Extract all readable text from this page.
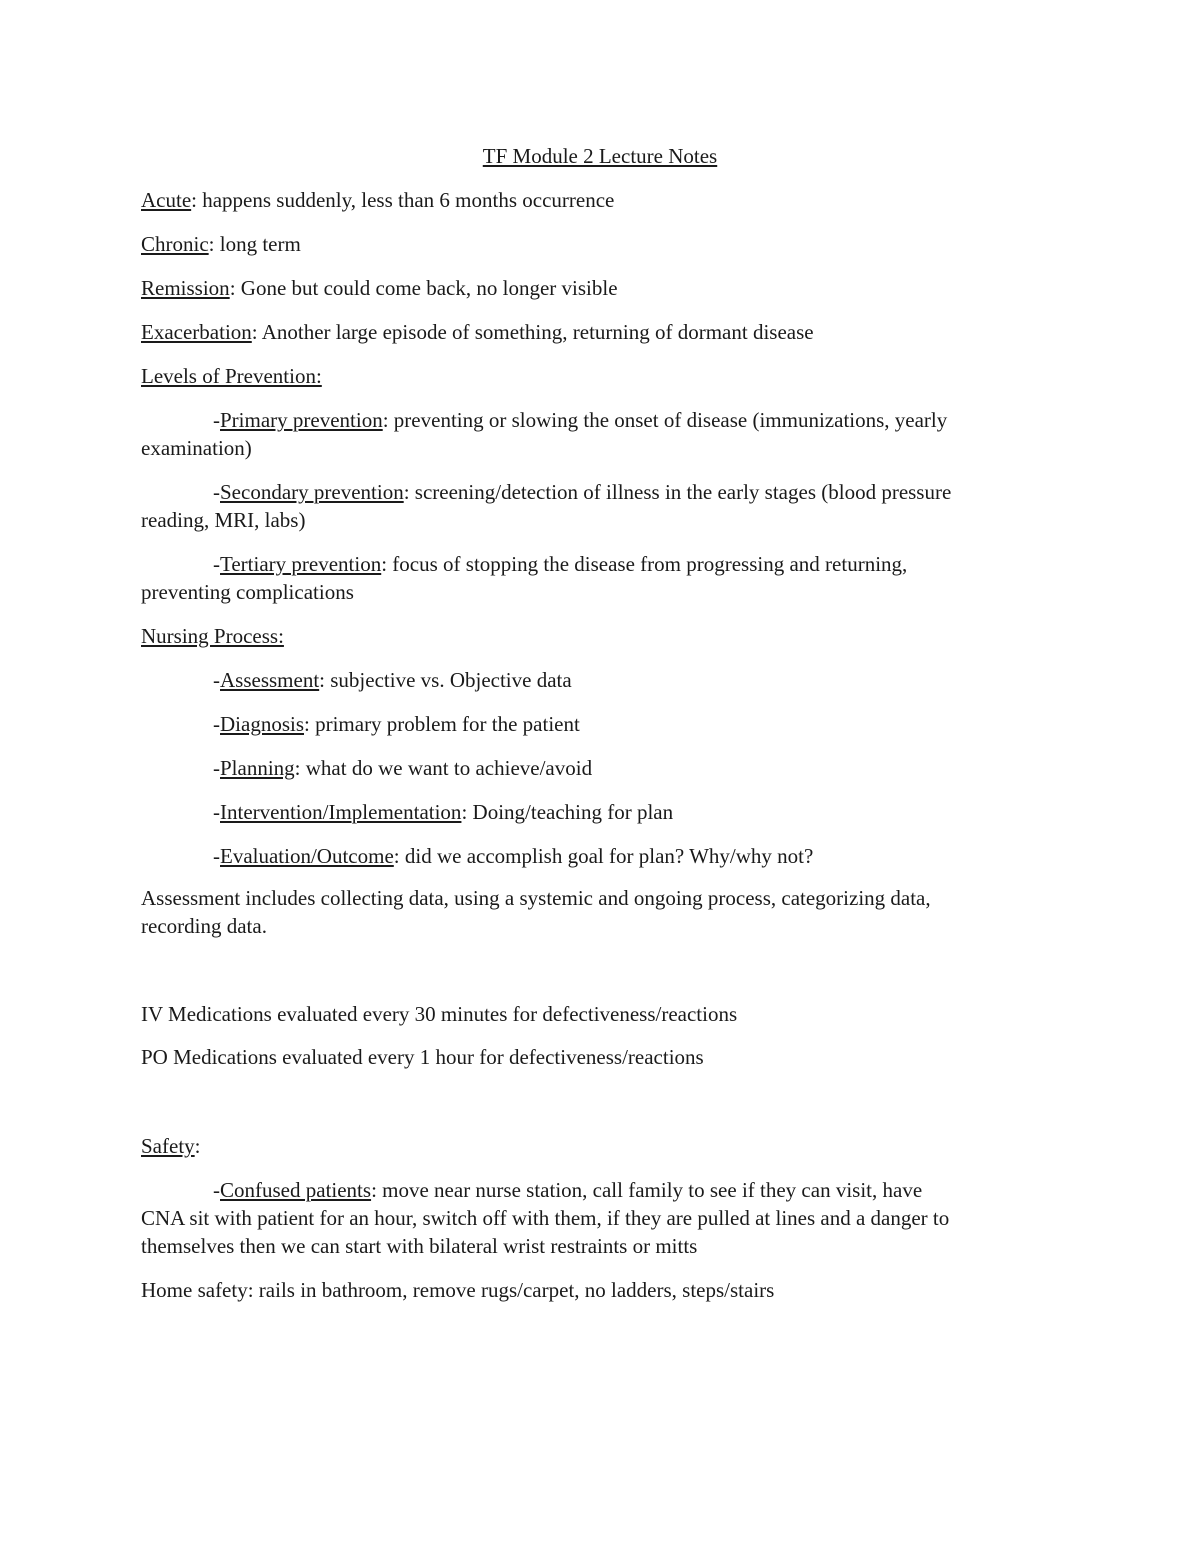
TF Module 2 Lecture Notes
Acute: happens suddenly, less than 6 months occurrence
Chronic: long term
Remission: Gone but could come back, no longer visible
Exacerbation: Another large episode of something, returning of dormant disease
Levels of Prevention:
-Primary prevention: preventing or slowing the onset of disease (immunizations, yearly
examination)
-Secondary prevention: screening/detection of illness in the early stages (blood pressure
reading, MRI, labs)
-Tertiary prevention: focus of stopping the disease from progressing and returning,
preventing complications
Nursing Process:
-Assessment: subjective vs. Objective data
-Diagnosis: primary problem for the patient
-Planning: what do we want to achieve/avoid
-Intervention/Implementation: Doing/teaching for plan
-Evaluation/Outcome: did we accomplish goal for plan? Why/why not?
Assessment includes collecting data, using a systemic and ongoing process, categorizing data,
recording data.
IV Medications evaluated every 30 minutes for defectiveness/reactions
PO Medications evaluated every 1 hour for defectiveness/reactions
Safety:
-Confused patients: move near nurse station, call family to see if they can visit, have
CNA sit with patient for an hour, switch off with them, if they are pulled at lines and a danger to
themselves then we can start with bilateral wrist restraints or mitts
Home safety: rails in bathroom, remove rugs/carpet, no ladders, steps/stairs
